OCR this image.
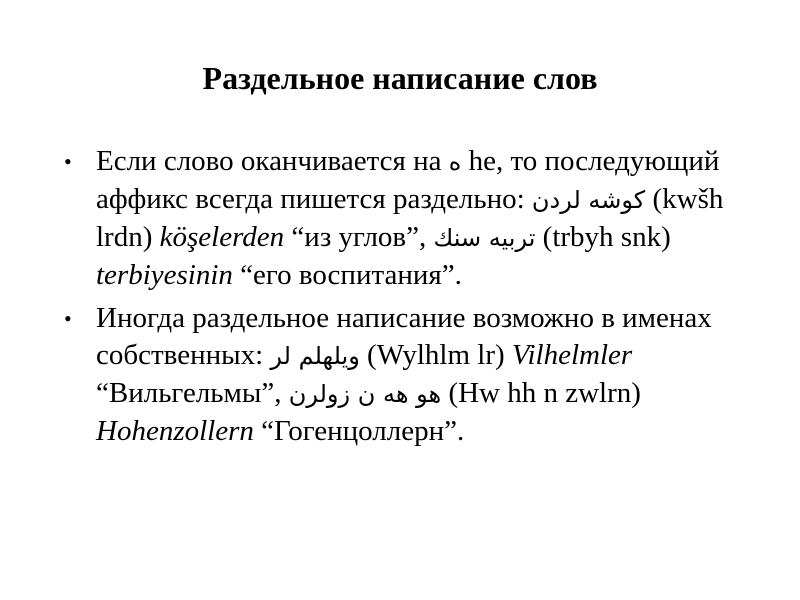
Раздельное написание слов
• Если слово оканчивается на ه he, то последующий аффикс всегда пишется раздельно: كوشه لردن (kwšh lrdn) köşelerden “из углов”, تربيه سنك (trbyh snk) terbiyesinin “его воспитания”.
• Иногда раздельное написание возможно в именах собственных: ويلهلم لر (Wylhlm lr) Vilhelmler “Вильгельмы”, هو هه ن زولرن (Hw hh n zwlrn) Hohenzollern “Гогенцоллерн”.
